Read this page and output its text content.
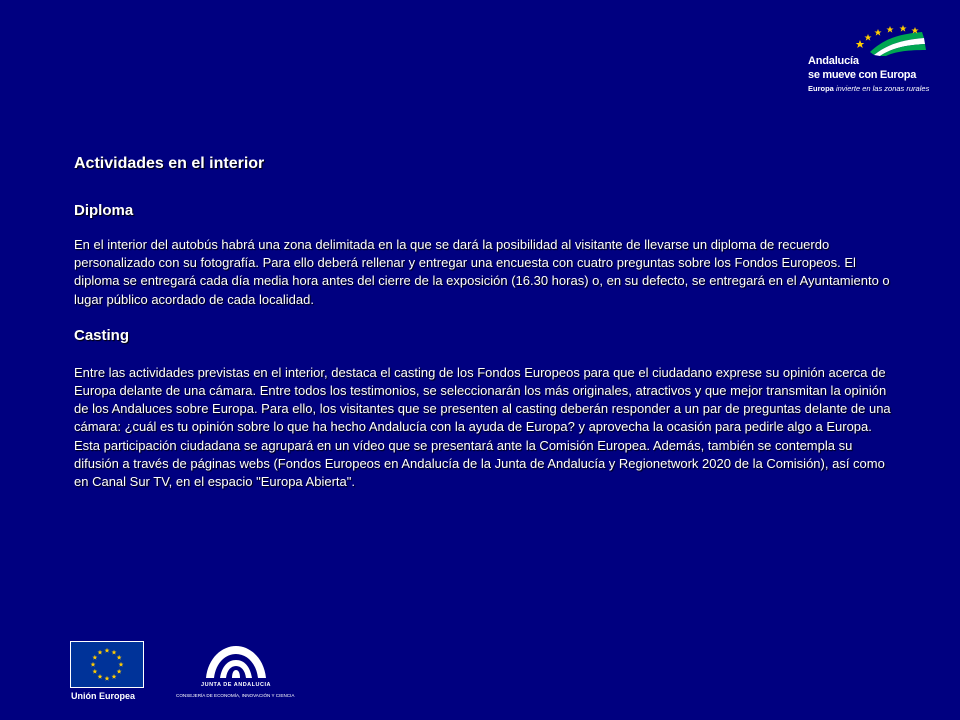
Andalucía
se mueve con Europa
Europa invierte en las zonas rurales
Actividades en el interior
Diploma

En el interior del autobús habrá una zona delimitada en la que se dará la posibilidad al visitante de llevarse un diploma de recuerdo personalizado con su fotografía. Para ello deberá rellenar y entregar una encuesta con cuatro preguntas sobre los Fondos Europeos. El diploma se entregará cada día media hora antes del cierre de la exposición (16.30 horas) o, en su defecto, se entregará en el Ayuntamiento o lugar público acordado de cada localidad.

Casting

Entre las actividades previstas en el interior, destaca el casting de los Fondos Europeos para que el ciudadano exprese su opinión acerca de Europa delante de una cámara. Entre todos los testimonios, se seleccionarán los más originales, atractivos y que mejor transmitan la opinión de los Andaluces sobre Europa. Para ello, los visitantes que se presenten al casting deberán responder a un par de preguntas delante de una cámara: ¿cuál es tu opinión sobre lo que ha hecho Andalucía con la ayuda de Europa? y aprovecha la ocasión para pedirle algo a Europa. Esta participación ciudadana se agrupará en un vídeo que se presentará ante la Comisión Europea. Además, también se contempla su difusión a través de páginas webs (Fondos Europeos en Andalucía de la Junta de Andalucía y Regionetwork 2020 de la Comisión), así como en Canal Sur TV, en el espacio "Europa Abierta".

Unión Europea
JUNTA DE ANDALUCIA
CONSEJERÍA DE ECONOMÍA, INNOVACIÓN Y CIENCIA
